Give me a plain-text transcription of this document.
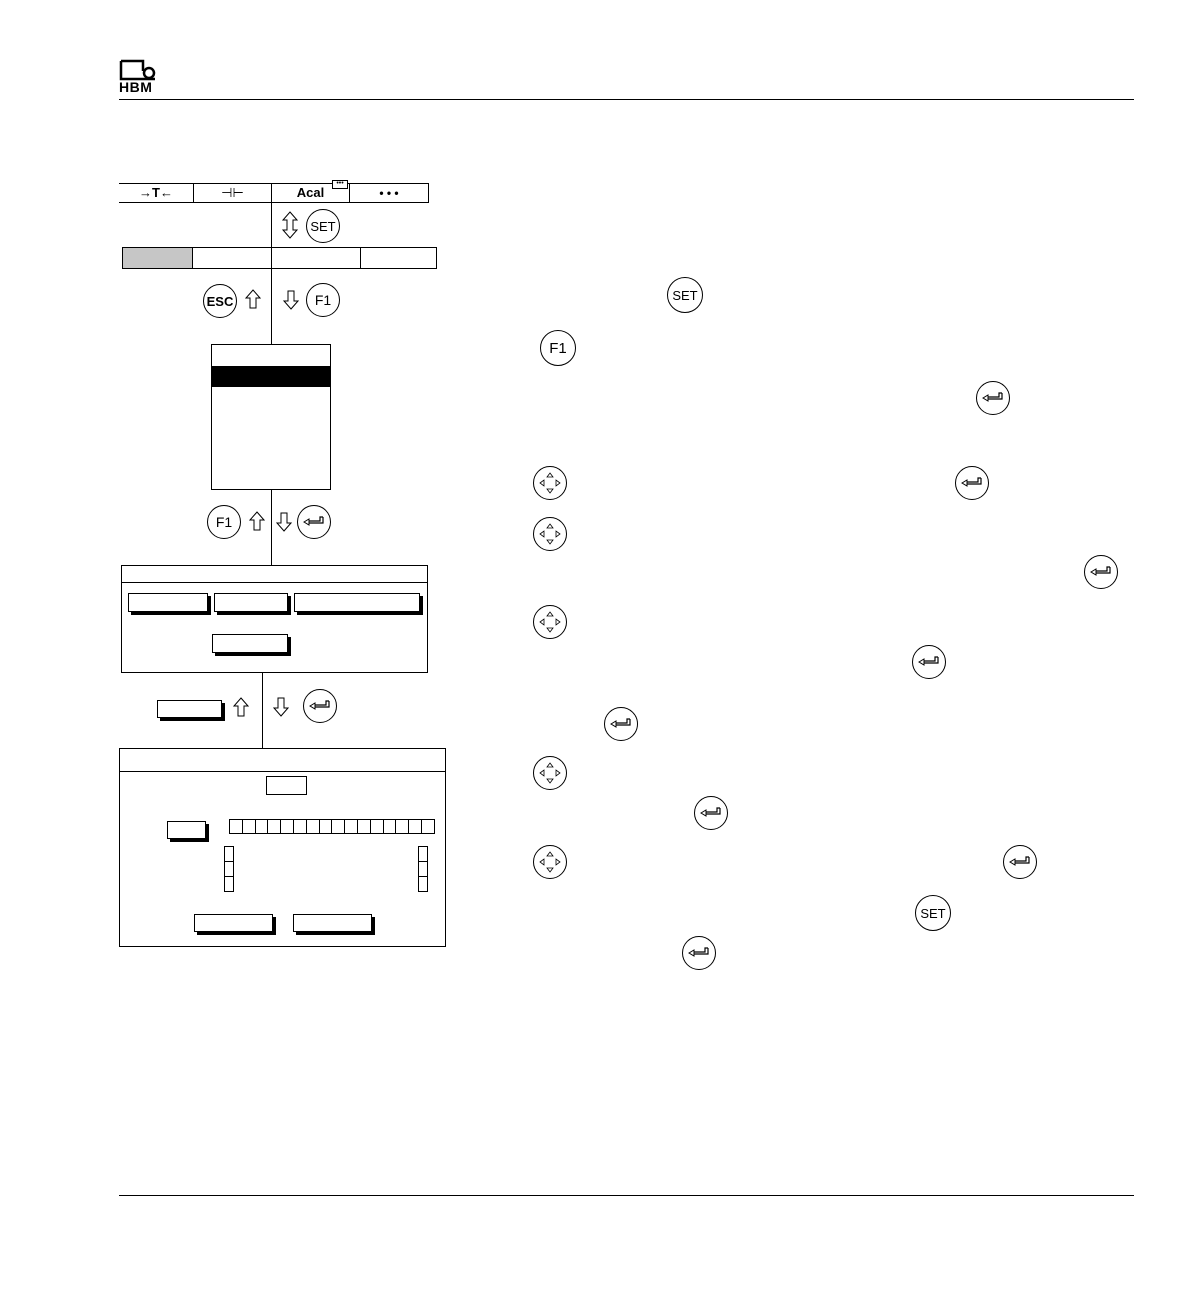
HBM
→T←	⊣⊢	Acal
•••
• • •
SET
ESC	F1
F1
SET
F1
SET
